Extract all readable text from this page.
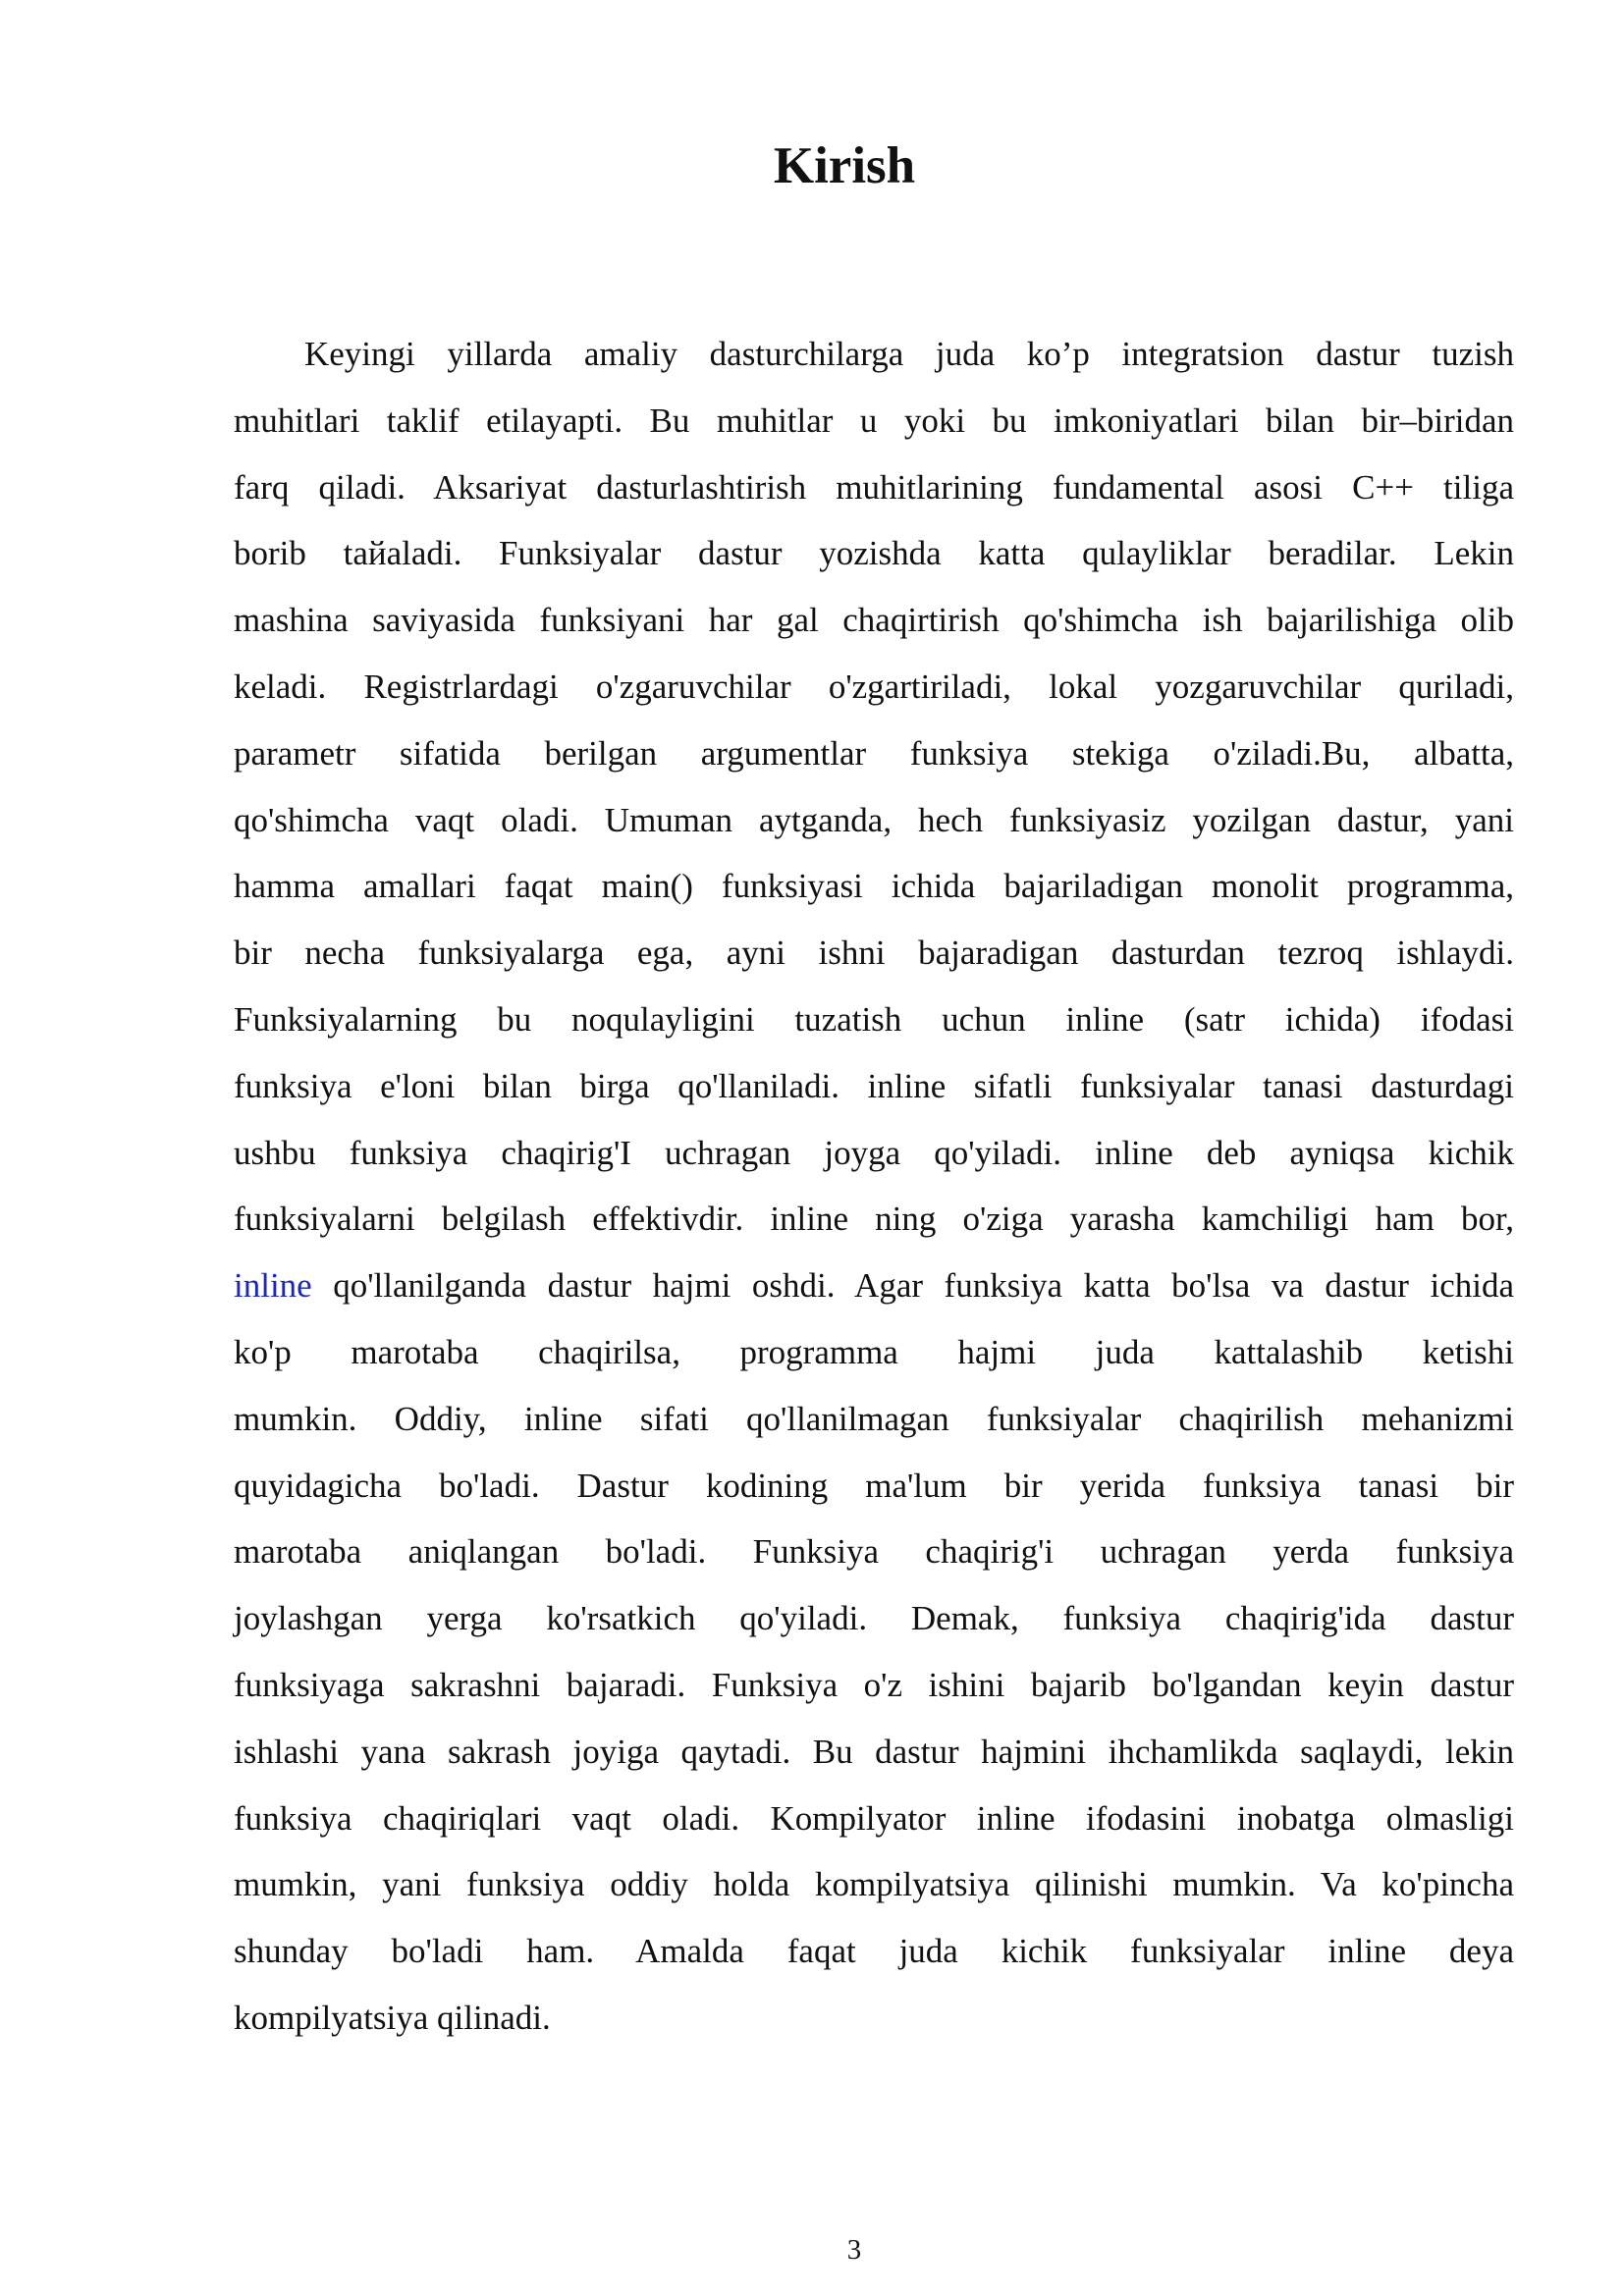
Kirish

Keyingi yillarda amaliy dasturchilarga juda ko’p integratsion dastur tuzish
muhitlari taklif etilayapti. Bu muhitlar u yoki bu imkoniyatlari bilan bir–biridan
farq qiladi. Aksariyat dasturlashtirish muhitlarining fundamental asosi C++ tiligа
borib taйaladi. Funksiyalar dastur yozishda katta qulayliklar beradilar. Lekin
mashina saviyasida funksiyani har gal chaqirtirish qo'shimcha ish bajarilishiga olib
keladi. Registrlardagi o'zgaruvchilar o'zgartiriladi, lokal yozgaruvchilar quriladi,
parametr sifatida berilgan argumentlar funksiya stekiga o'ziladi.Bu, albatta,
qo'shimcha vaqt oladi. Umuman aytganda, hech funksiyasiz yozilgan dastur, yani
hamma amallari faqat main() funksiyasi ichida bajariladigan monolit programma,
bir necha funksiyalarga ega, ayni ishni bajaradigan dasturdan tezroq ishlaydi.
Funksiyalarning bu noqulayligini tuzatish uchun inline (satr ichida) ifodasi
funksiya e'loni bilan birga qo'llaniladi. inline sifatli funksiyalar tanasi dasturdagi
ushbu funksiya chaqirig'I uchragan joyga qo'yiladi. inline deb ayniqsa kichik
funksiyalarni belgilash effektivdir. inline ning o'ziga yarasha kamchiligi ham bor,
inline qo'llanilganda dastur hajmi oshdi. Agar funksiya katta bo'lsa va dastur ichida
ko'p marotaba chaqirilsa, programma hajmi juda kattalashib ketishi
mumkin. Oddiy, inline sifati qo'llanilmagan funksiyalar chaqirilish mehanizmi
quyidagicha bo'ladi. Dastur kodining ma'lum bir yerida funksiya tanasi bir
marotaba aniqlangan bo'ladi. Funksiya chaqirig'i uchragan yerda funksiya
joylashgan yerga ko'rsatkich qo'yiladi. Demak, funksiya chaqirig'ida dastur
funksiyaga sakrashni bajaradi. Funksiya o'z ishini bajarib bo'lgandan keyin dastur
ishlashi yana sakrash joyiga qaytadi. Bu dastur hajmini ihchamlikda saqlaydi, lekin
funksiya chaqiriqlari vaqt oladi. Kompilyator inline ifodasini inobatga olmasligi
mumkin, yani funksiya oddiy holda kompilyatsiya qilinishi mumkin. Va ko'pincha
shunday bo'ladi ham. Amalda faqat juda kichik funksiyalar inline deya
kompilyatsiya qilinadi.

3
